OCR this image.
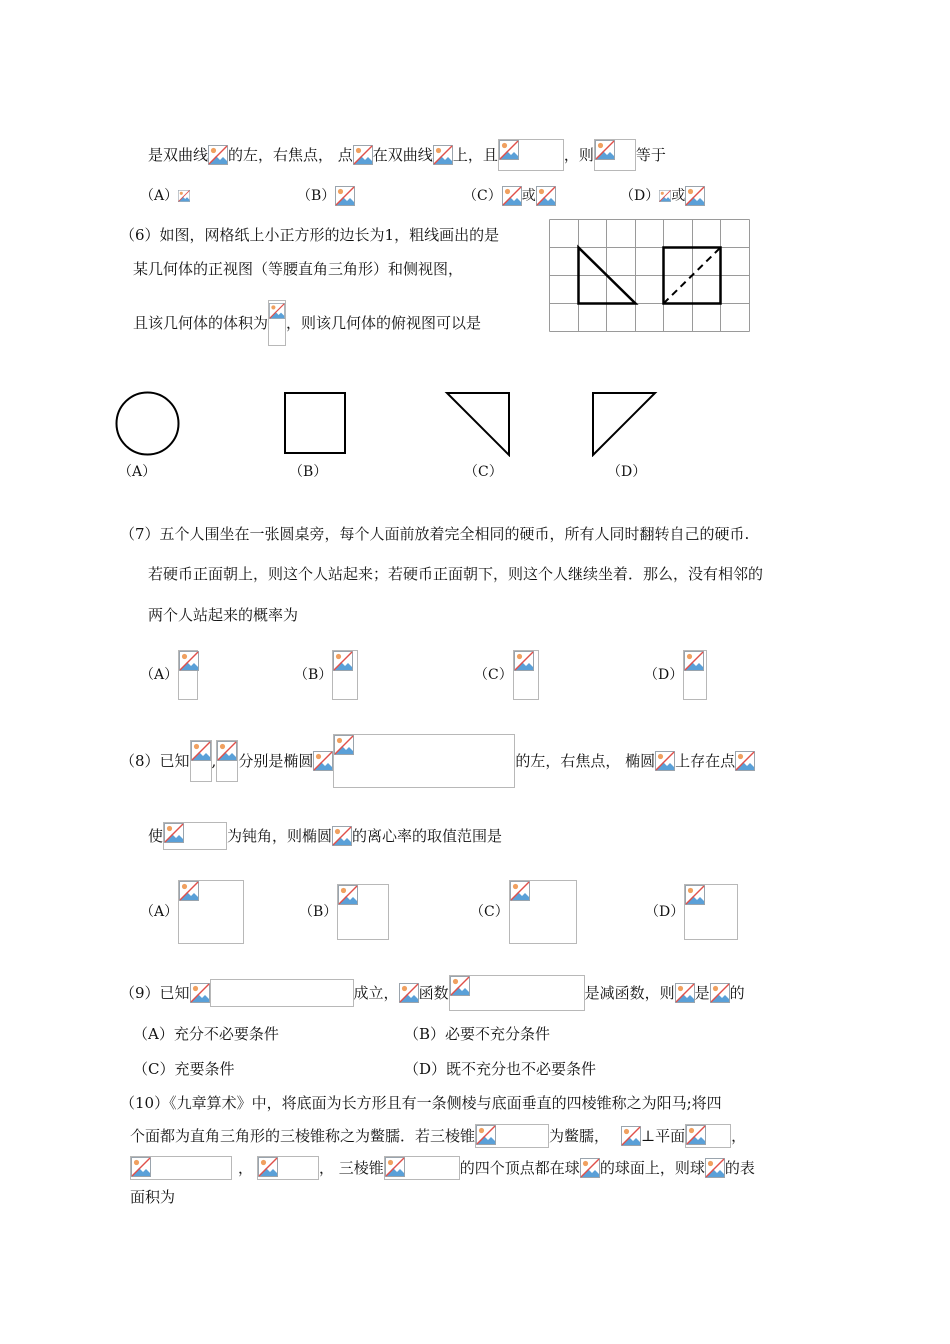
是双曲线 的左，右焦点， 点 在双曲线 上，且	，则	等于
（A）	（B）	（C） 或	（D） 或
（6）如图，网格纸上小正方形的边长为1，粗线画出的是
某几何体的正视图（等腰直角三角形）和侧视图，
且该几何体的体积为 ，则该几何体的俯视图可以是
（A）	（B）	（C）	（D）
（7）五个人围坐在一张圆桌旁，每个人面前放着完全相同的硬币，所有人同时翻转自己的硬币.
若硬币正面朝上，则这个人站起来；若硬币正面朝下，则这个人继续坐着．那么，没有相邻的
两个人站起来的概率为
（A）	（B）	（C）	（D）
（8）已知 , 分别是椭圆	的左，右焦点， 椭圆 上存在点
使	为钝角，则椭圆 的离心率的取值范围是
（A）	（B）	（C）	（D）
（9）已知	成立， 函数	是减函数，则 是 的
（A）充分不必要条件	（B）必要不充分条件
（C）充要条件	（D）既不充分也不必要条件
（10）《九章算术》中，将底面为长方形且有一条侧棱与底面垂直的四棱锥称之为阳马;将四
个面都为直角三角形的三棱锥称之为鳖臑．若三棱锥	为鳖臑， ⊥平面	，
，	， 三棱锥	的四个顶点都在球 的球面上，则球 的表
面积为
